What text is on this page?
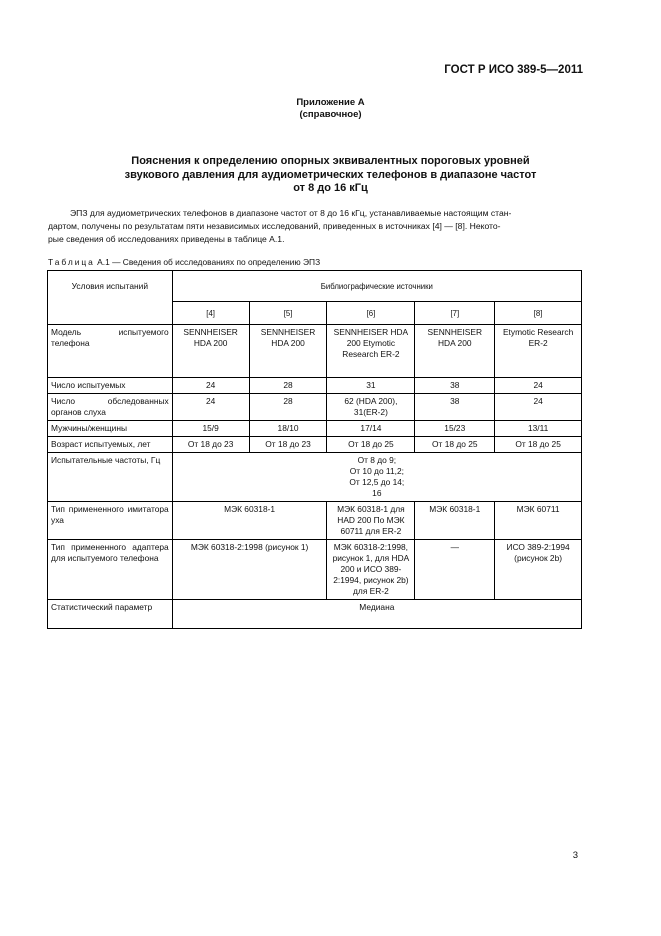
ГОСТ Р ИСО 389-5—2011
Приложение А
(справочное)
Пояснения к определению опорных эквивалентных пороговых уровней
звукового давления для аудиометрических телефонов в диапазоне частот
от 8 до 16 кГц
ЭПЗ для аудиометрических телефонов в диапазоне частот от 8 до 16 кГц, устанавливаемые настоящим стан-
дартом, получены по результатам пяти независимых исследований, приведенных в источниках [4] — [8]. Некото-
рые сведения об исследованиях приведены в таблице А.1.
Таблица А.1 — Сведения об исследованиях по определению ЭПЗ
Условия испытаний	Библиографические источники				
	[4]	[5]	[6]	[7]	[8]
Модель испытуемого телефона	SENNHEISER HDA 200	SENNHEISER HDA 200	SENNHEISER HDA 200 Etymotic Research ER-2	SENNHEISER HDA 200	Etymotic Research ER-2
Число испытуемых	24	28	31	38	24
Число обследованных органов слуха	24	28	62 (HDA 200), 31(ER-2)	38	24
Мужчины/женщины	15/9	18/10	17/14	15/23	13/11
Возраст испытуемых, лет	От 18 до 23	От 18 до 23	От 18 до 25	От 18 до 25	От 18 до 25
Испытательные частоты, Гц	От 8 до 9;
От 10 до 11,2;
От 12,5 до 14;
16				

Тип примененного имитатора уха	МЭК 60318-1		МЭК 60318-1 для HAD 200 По МЭК 60711 для ER-2	МЭК 60318-1	МЭК 60711
Тип примененного адаптера для испытуемого телефона	МЭК 60318-2:1998 (рисунок 1)		МЭК 60318-2:1998, рисунок 1, для HDA 200 и ИСО 389-2:1994, рисунок 2b) для ER-2	—	ИСО 389-2:1994 (рисунок 2b)
Статистический параметр	Медиана				
3
